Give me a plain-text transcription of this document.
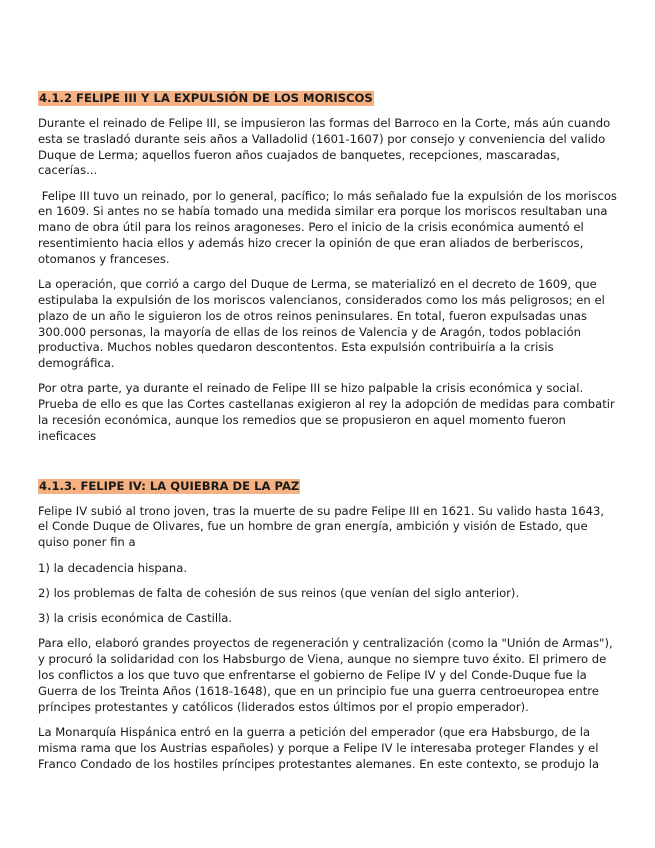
4.1.2 FELIPE III Y LA EXPULSIÓN DE LOS MORISCOS

Durante el reinado de Felipe III, se impusieron las formas del Barroco en la Corte, más aún cuando esta se trasladó durante seis años a Valladolid (1601-1607) por consejo y conveniencia del valido Duque de Lerma; aquellos fueron años cuajados de banquetes, recepciones, mascaradas, cacerías...

Felipe III tuvo un reinado, por lo general, pacífico; lo más señalado fue la expulsión de los moriscos en 1609. Si antes no se había tomado una medida similar era porque los moriscos resultaban una mano de obra útil para los reinos aragoneses. Pero el inicio de la crisis económica aumentó el resentimiento hacia ellos y además hizo crecer la opinión de que eran aliados de berberiscos, otomanos y franceses.

La operación, que corrió a cargo del Duque de Lerma, se materializó en el decreto de 1609, que estipulaba la expulsión de los moriscos valencianos, considerados como los más peligrosos; en el plazo de un año le siguieron los de otros reinos peninsulares. En total, fueron expulsadas unas 300.000 personas, la mayoría de ellas de los reinos de Valencia y de Aragón, todos población productiva. Muchos nobles quedaron descontentos. Esta expulsión contribuiría a la crisis demográfica.

Por otra parte, ya durante el reinado de Felipe III se hizo palpable la crisis económica y social. Prueba de ello es que las Cortes castellanas exigieron al rey la adopción de medidas para combatir la recesión económica, aunque los remedios que se propusieron en aquel momento fueron ineficaces

4.1.3. FELIPE IV: LA QUIEBRA DE LA PAZ

Felipe IV subió al trono joven, tras la muerte de su padre Felipe III en 1621. Su valido hasta 1643, el Conde Duque de Olivares, fue un hombre de gran energía, ambición y visión de Estado, que quiso poner fin a

1) la decadencia hispana.

2) los problemas de falta de cohesión de sus reinos (que venían del siglo anterior).

3) la crisis económica de Castilla.

Para ello, elaboró grandes proyectos de regeneración y centralización (como la "Unión de Armas"), y procuró la solidaridad con los Habsburgo de Viena, aunque no siempre tuvo éxito. El primero de los conflictos a los que tuvo que enfrentarse el gobierno de Felipe IV y del Conde-Duque fue la Guerra de los Treinta Años (1618-1648), que en un principio fue una guerra centroeuropea entre príncipes protestantes y católicos (liderados estos últimos por el propio emperador).

La Monarquía Hispánica entró en la guerra a petición del emperador (que era Habsburgo, de la misma rama que los Austrias españoles) y porque a Felipe IV le interesaba proteger Flandes y el Franco Condado de los hostiles príncipes protestantes alemanes. En este contexto, se produjo la
